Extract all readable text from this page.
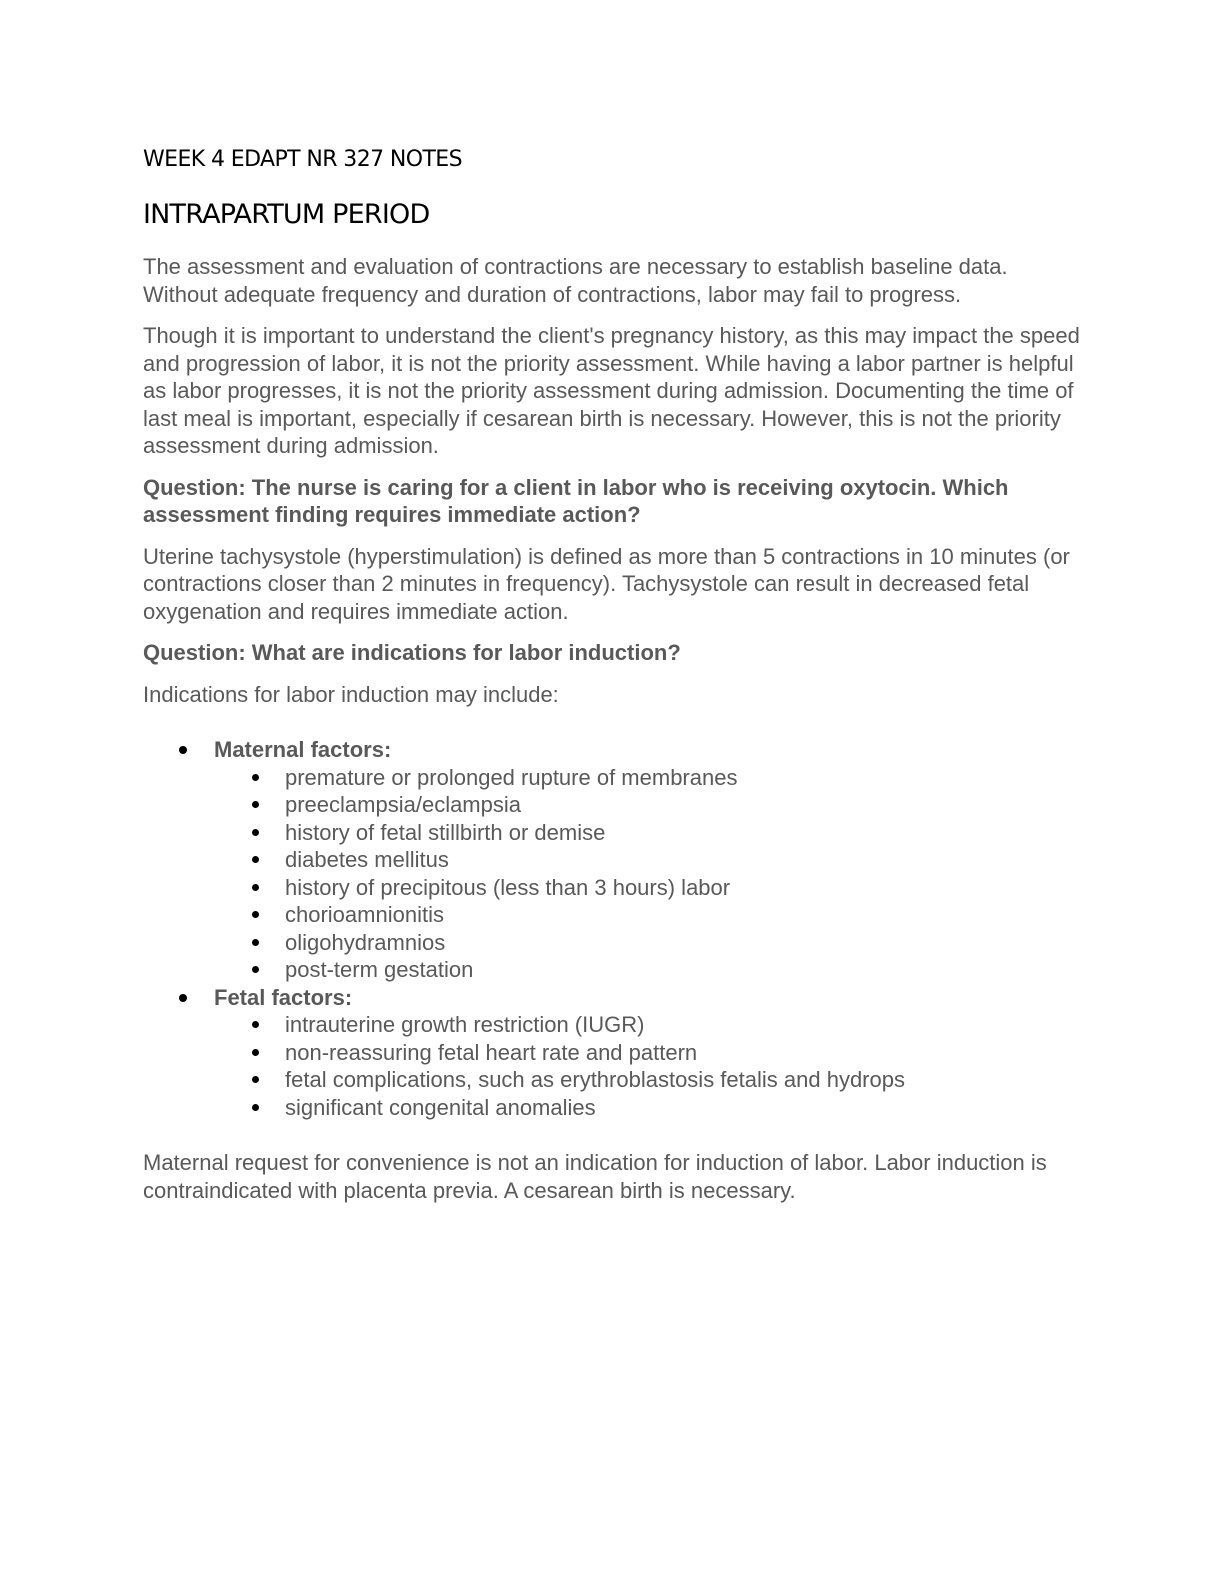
WEEK 4 EDAPT NR 327 NOTES
INTRAPARTUM PERIOD

The assessment and evaluation of contractions are necessary to establish baseline data. Without adequate frequency and duration of contractions, labor may fail to progress.

Though it is important to understand the client's pregnancy history, as this may impact the speed and progression of labor, it is not the priority assessment. While having a labor partner is helpful as labor progresses, it is not the priority assessment during admission. Documenting the time of last meal is important, especially if cesarean birth is necessary. However, this is not the priority assessment during admission.

Question: The nurse is caring for a client in labor who is receiving oxytocin. Which assessment finding requires immediate action?

Uterine tachysystole (hyperstimulation) is defined as more than 5 contractions in 10 minutes (or contractions closer than 2 minutes in frequency). Tachysystole can result in decreased fetal oxygenation and requires immediate action.

Question: What are indications for labor induction?

Indications for labor induction may include:

Maternal factors:
premature or prolonged rupture of membranes
preeclampsia/eclampsia
history of fetal stillbirth or demise
diabetes mellitus
history of precipitous (less than 3 hours) labor
chorioamnionitis
oligohydramnios
post-term gestation
Fetal factors:
intrauterine growth restriction (IUGR)
non-reassuring fetal heart rate and pattern
fetal complications, such as erythroblastosis fetalis and hydrops
significant congenital anomalies

Maternal request for convenience is not an indication for induction of labor. Labor induction is contraindicated with placenta previa. A cesarean birth is necessary.
